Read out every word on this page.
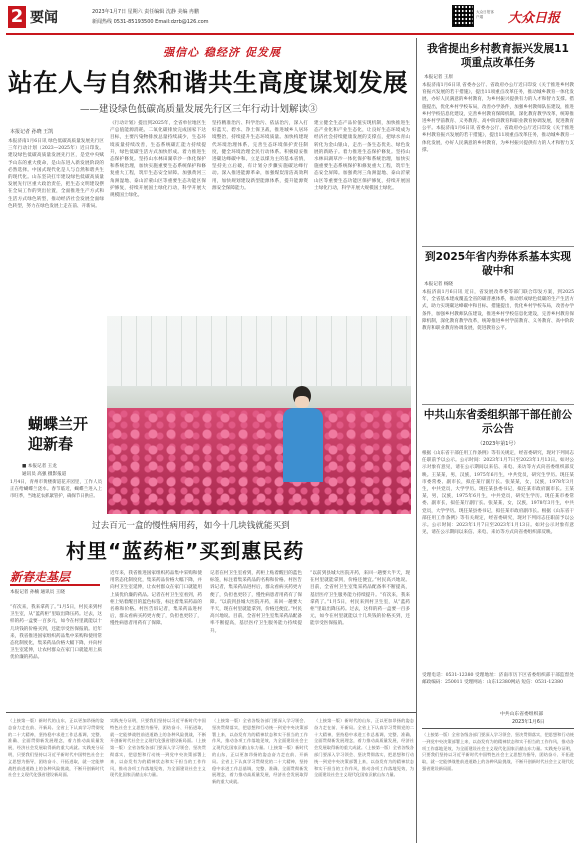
2 要闻	2023年1月7日 星期六 责任编辑 沈静 美编 冉鹏
新闻热线 0531-85193500 Email:dzrb@126.com
大众日报客户端	大众日报
强信心 稳经济 促发展
站在人与自然和谐共生高度谋划发展
——建设绿色低碳高质量发展先行区三年行动计划解读③
本报记者 孙晓 王凯
本报济南1月6日讯 绿色低碳高质量发展先行区三年行动计划（2023—2025年）近日印发。建设绿色低碳高质量发展先行区，是党中央赋予山东的重大使命，是山东进入新发展阶段的必然选择。中国式现代化是人与自然和谐共生的现代化。山东坚决扛牢建设绿色低碳高质量发展先行区重大政治责任，把生态文明建设摆在全局工作的突出位置，全面推进生产方式和生活方式绿色转型，推动经济社会发展全面绿色转型，努力在绿色发展上走在前、开新局。
《行动计划》提出到2025年，全省单位地区生产总值能源消耗、二氧化碳排放完成国家下达目标，主要污染物排放总量持续减少，生态环境质量持续改善，生态系统碳汇能力持续提升，绿色低碳生活方式加快形成。着力推进生态保护修复。坚持山水林田湖草沙一体化保护和系统治理，加快实施重要生态系统保护和修复重大工程，筑牢生态安全屏障。加强黄河三角洲湿地、泰山沂蒙山区等重要生态功能区保护修复，持续开展国土绿化行动，科学开展大规模国土绿化。
坚持精准治污、科学治污、依法治污，深入打好蓝天、碧水、净土保卫战，推进城乡人居环境整治，持续提升生态环境质量。加快构建现代环境治理体系，完善生态环境保护责任制度，健全环境治理全民行动体系。积极稳妥推进碳达峰碳中和。立足以煤为主的基本省情，坚持先立后破，有计划分步骤实施碳达峰行动。深入推进能源革命，加强煤炭清洁高效利用，加快规划建设新型能源体系，提升能源资源安全保障能力。
建立健全生态产品价值实现机制，加快推进生态产业化和产业生态化，让良好生态环境成为经济社会持续健康发展的支撑点，把绿水青山转化为金山银山，走出一条生态优先、绿色发展的新路子。着力推进生态保护修复。坚持山水林田湖草沙一体化保护和系统治理，加快实施重要生态系统保护和修复重大工程，筑牢生态安全屏障。加强黄河三角洲湿地、泰山沂蒙山区等重要生态功能区保护修复，持续开展国土绿化行动，科学开展大规模国土绿化。
蝴蝶兰开
迎新春
■ 本报记者 王龙
通讯员 高强 摄影报道
1月4日，青州市黄楼街道花卉园里，工作人员正在给蝴蝶兰浇水。春节临近，蝴蝶兰进入上市旺季，当地花农抓紧管护，确保节日供应。
过去百元一盒的慢性病用药，如今十几块钱就能买到
村里“蓝药柜”买到惠民药
新春走基层
本报记者 孙楠 通讯员 王晓
“有次来，我来拿药了。”1月5日，村民来到村卫生室，从“蓝药柜”里取出降压药。过去，这样的药一盒要一百多元，如今在村里就能以十几块钱的价格买到，还能享受医保报销。近年来，我省推进国家组织药品集中采购和使用常态化制度化，集采药品价格大幅下降，并向村卫生室延伸，让农村群众在家门口就能用上质优价廉的药品。
近年来，我省推进国家组织药品集中采购和使用常态化制度化，集采药品价格大幅下降，并向村卫生室延伸，让农村群众在家门口就能用上质优价廉的药品。记者在村卫生室看到，药柜上贴着醒目的蓝色标签，标注着集采药品的名称和价格。村医告诉记者，集采药品进村后，群众看病买药更方便了，负担也更轻了，慢性病患者用药有了保障。
记者在村卫生室看到，药柜上贴着醒目的蓝色标签，标注着集采药品的名称和价格。村医告诉记者，集采药品进村后，群众看病买药更方便了，负担也更轻了，慢性病患者用药有了保障。“以前到县城大医院开药，来回一趟要大半天，现在村里就能拿到，价格还便宜。”村民高兴地说。目前，全省村卫生室集采药品配备率不断提高，基层医疗卫生服务能力持续提升。
“以前到县城大医院开药，来回一趟要大半天，现在村里就能拿到，价格还便宜。”村民高兴地说。目前，全省村卫生室集采药品配备率不断提高，基层医疗卫生服务能力持续提升。“有次来，我来拿药了。”1月5日，村民来到村卫生室，从“蓝药柜”里取出降压药。过去，这样的药一盒要一百多元，如今在村里就能以十几块钱的价格买到，还能享受医保报销。
（上接第一版）新时代的山东，正以更加昂扬的姿态奋力走在前、开新局。全省上下认真学习贯彻党的二十大精神，坚持稳中求进工作总基调，完整、准确、全面贯彻新发展理念，着力推动高质量发展，经济社会发展取得新的重大成就。实践充分证明，只要我们坚持以习近平新时代中国特色社会主义思想为指导，团结奋斗、开拓进取，就一定能够战胜前进道路上的各种风险挑战，不断开创新时代社会主义现代化强省建设新局面。
实践充分证明，只要我们坚持以习近平新时代中国特色社会主义思想为指导，团结奋斗、开拓进取，就一定能够战胜前进道路上的各种风险挑战，不断开创新时代社会主义现代化强省建设新局面。（上接第一版）全省各级各部门要深入学习领会、坚决贯彻落实，把思想和行动统一到党中央决策部署上来，以奋发有为的精神状态和实干担当的工作作风，推动各项工作落地见效，为全面建设社会主义现代化国家贡献山东力量。
（上接第一版）全省各级各部门要深入学习领会、坚决贯彻落实，把思想和行动统一到党中央决策部署上来，以奋发有为的精神状态和实干担当的工作作风，推动各项工作落地见效，为全面建设社会主义现代化国家贡献山东力量。（上接第一版）新时代的山东，正以更加昂扬的姿态奋力走在前、开新局。全省上下认真学习贯彻党的二十大精神，坚持稳中求进工作总基调，完整、准确、全面贯彻新发展理念，着力推动高质量发展，经济社会发展取得新的重大成就。
（上接第一版）新时代的山东，正以更加昂扬的姿态奋力走在前、开新局。全省上下认真学习贯彻党的二十大精神，坚持稳中求进工作总基调，完整、准确、全面贯彻新发展理念，着力推动高质量发展，经济社会发展取得新的重大成就。（上接第一版）全省各级各部门要深入学习领会、坚决贯彻落实，把思想和行动统一到党中央决策部署上来，以奋发有为的精神状态和实干担当的工作作风，推动各项工作落地见效，为全面建设社会主义现代化国家贡献山东力量。
我省提出乡村教育振兴发展11项重点改革任务
本报记者 王原
本报济南1月6日讯 省委办公厅、省政府办公厅近日印发《关于推进乡村教育振兴发展的若干措施》，提出11项重点改革任务，推动城乡教育一体化发展，办好人民满意的乡村教育，为乡村振兴提供有力的人才和智力支撑。措施提出，优化乡村学校布局，改善办学条件，加强乡村教师队伍建设，推进乡村学校信息化建设，完善乡村教育保障机制，深化教育教学改革，统筹推进乡村学前教育、义务教育、高中阶段教育和职业教育协调发展，促进教育公平。本报济南1月6日讯 省委办公厅、省政府办公厅近日印发《关于推进乡村教育振兴发展的若干措施》，提出11项重点改革任务，推动城乡教育一体化发展，办好人民满意的乡村教育，为乡村振兴提供有力的人才和智力支撑。
到2025年省内券体系基本实现破中和
本报记者 杨晓
本报济南1月6日讯 近日，省发展改革委等部门联合印发方案，到2025年，全省基本建成覆盖全省的碳普惠体系，推动形成绿色低碳的生产生活方式，助力实现碳达峰碳中和目标。措施提出，优化乡村学校布局，改善办学条件，加强乡村教师队伍建设，推进乡村学校信息化建设，完善乡村教育保障机制，深化教育教学改革，统筹推进乡村学前教育、义务教育、高中阶段教育和职业教育协调发展，促进教育公平。
中共山东省委组织部干部任前公示公告
（2023年第1号）
根据《山东省干部任用工作条例》等有关规定，经省委研究，现对下列同志任职前予以公示。公示时间：2023年1月7日至2023年1月13日。如对公示对象有意见，请在公示期间以来信、来电、来访等方式向省委组织部反映。王某某，男，汉族，1975年6月生，中共党员，研究生学历。现任某市委常委、副市长，拟任某厅副厅长。张某某，女，汉族，1978年3月生，中共党员，大学学历。现任某县委书记，拟任某市政府副市长。王某某，男，汉族，1975年6月生，中共党员，研究生学历。现任某市委常委、副市长，拟任某厅副厅长。张某某，女，汉族，1978年3月生，中共党员，大学学历。现任某县委书记，拟任某市政府副市长。根据《山东省干部任用工作条例》等有关规定，经省委研究，现对下列同志任职前予以公示。公示时间：2023年1月7日至2023年1月13日。如对公示对象有意见，请在公示期间以来信、来电、来访等方式向省委组织部反映。
受理电话：0531-12380 受理地址：济南市历下区省委组织部干部监督处 邮政编码：250011 受理网站：山东12380网站 短信：0531-12380
中共山东省委组织部
2023年1月6日
（上接第一版）全省各级各部门要深入学习领会、坚决贯彻落实，把思想和行动统一到党中央决策部署上来，以奋发有为的精神状态和实干担当的工作作风，推动各项工作落地见效，为全面建设社会主义现代化国家贡献山东力量。实践充分证明，只要我们坚持以习近平新时代中国特色社会主义思想为指导，团结奋斗、开拓进取，就一定能够战胜前进道路上的各种风险挑战，不断开创新时代社会主义现代化强省建设新局面。
